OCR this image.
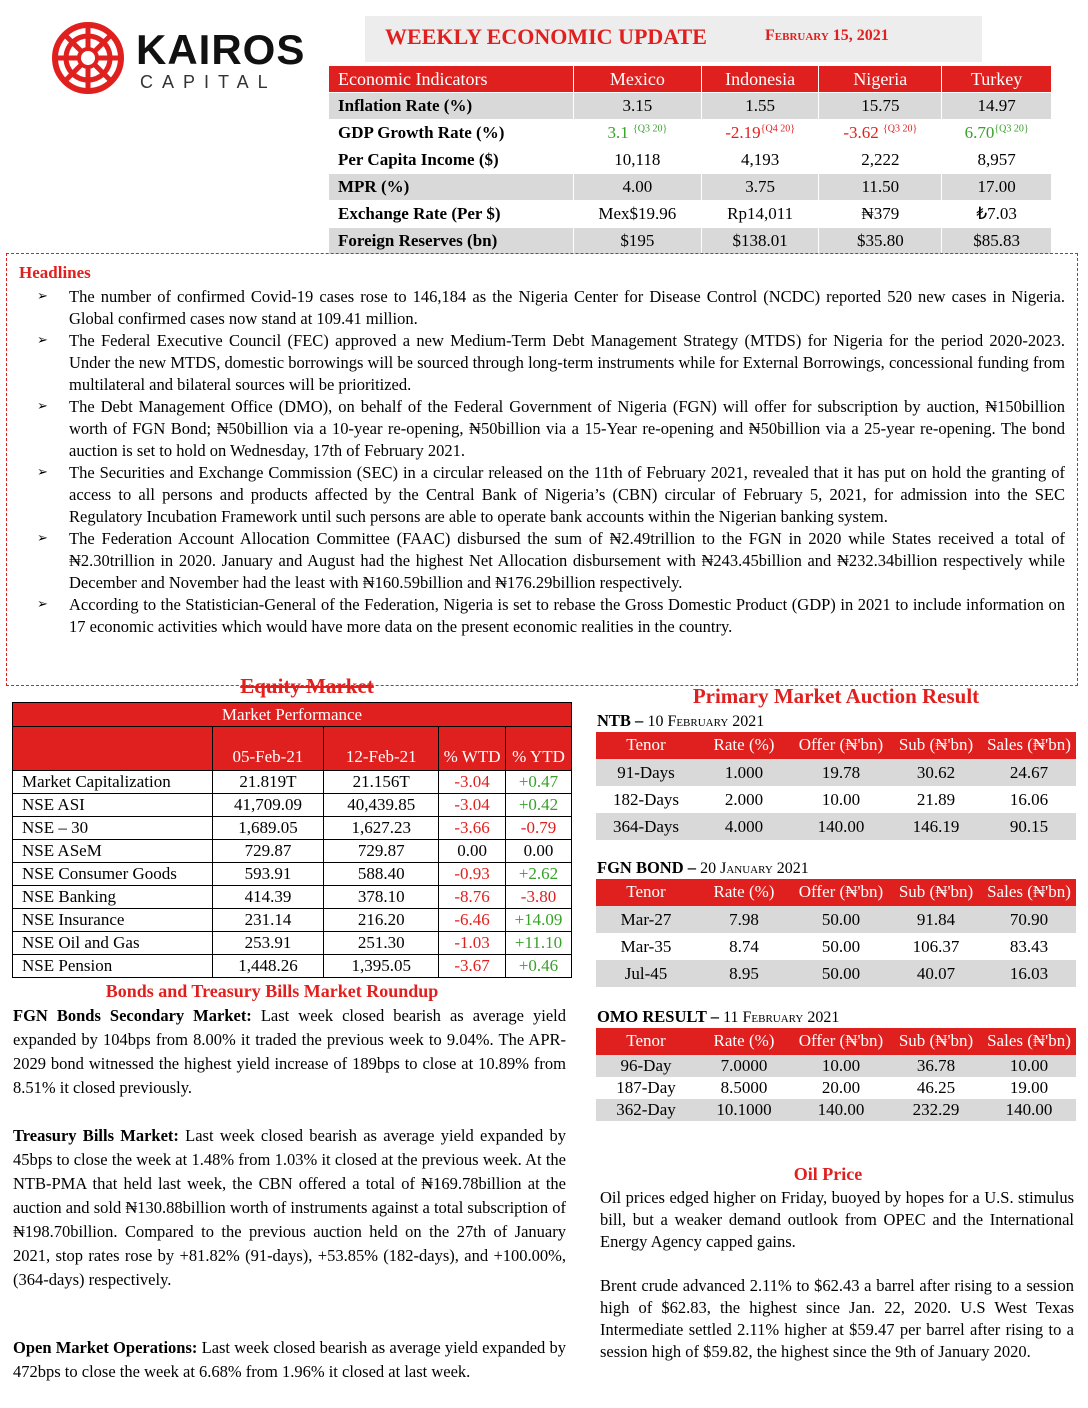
KAIROS
CAPITAL
WEEKLY ECONOMIC UPDATE	February 15, 2021
Economic Indicators	Mexico	Indonesia	Nigeria	Turkey
Inflation Rate (%)	3.15	1.55	15.75	14.97
GDP Growth Rate (%)	3.1 $^{\{Q3 20\}}$	$-2.19^{\{Q4 20\}}$	-3.62 $^{\{Q3 20\}}$	$6.70^{\{Q3 20\}}$
Per Capita Income ($)	10,118	4,193	2,222	8,957
MPR (%)	4.00	3.75	11.50	17.00
Exchange Rate (Per $)	Mex$19.96	Rp14,011	₦379	₺7.03
Foreign Reserves (bn)	$195	$138.01	$35.80	$85.83
Headlines
➢ The number of confirmed Covid-19 cases rose to 146,184 as the Nigeria Center for Disease Control (NCDC) reported 520 new cases in Nigeria. Global confirmed cases now stand at 109.41 million.
➢ The Federal Executive Council (FEC) approved a new Medium-Term Debt Management Strategy (MTDS) for Nigeria for the period 2020-2023. Under the new MTDS, domestic borrowings will be sourced through long-term instruments while for External Borrowings, concessional funding from multilateral and bilateral sources will be prioritized.
➢ The Debt Management Office (DMO), on behalf of the Federal Government of Nigeria (FGN) will offer for subscription by auction, ₦150billion worth of FGN Bond; ₦50billion via a 10-year re-opening, ₦50billion via a 15-Year re-opening and ₦50billion via a 25-year re-opening. The bond auction is set to hold on Wednesday, 17th of February 2021.
➢ The Securities and Exchange Commission (SEC) in a circular released on the 11th of February 2021, revealed that it has put on hold the granting of access to all persons and products affected by the Central Bank of Nigeria’s (CBN) circular of February 5, 2021, for admission into the SEC Regulatory Incubation Framework until such persons are able to operate bank accounts within the Nigerian banking system.
➢ The Federation Account Allocation Committee (FAAC) disbursed the sum of ₦2.49trillion to the FGN in 2020 while States received a total of ₦2.30trillion in 2020. January and August had the highest Net Allocation disbursement with ₦243.45billion and ₦232.34billion respectively while December and November had the least with ₦160.59billion and ₦176.29billion respectively.
➢ According to the Statistician-General of the Federation, Nigeria is set to rebase the Gross Domestic Product (GDP) in 2021 to include information on 17 economic activities which would have more data on the present economic realities in the country.
Equity Market
Market Performance				
	05-Feb-21	12-Feb-21	% WTD	% YTD
Market Capitalization	21.819T	21.156T	-3.04	+0.47
NSE ASI	41,709.09	40,439.85	-3.04	+0.42
NSE – 30	1,689.05	1,627.23	-3.66	-0.79
NSE ASeM	729.87	729.87	0.00	0.00
NSE Consumer Goods	593.91	588.40	-0.93	+2.62
NSE Banking	414.39	378.10	-8.76	-3.80
NSE Insurance	231.14	216.20	-6.46	+14.09
NSE Oil and Gas	253.91	251.30	-1.03	+11.10
NSE Pension	1,448.26	1,395.05	-3.67	+0.46
Bonds and Treasury Bills Market Roundup
FGN Bonds Secondary Market: Last week closed bearish as average yield expanded by 104bps from 8.00% it traded the previous week to 9.04%. The APR-2029 bond witnessed the highest yield increase of 189bps to close at 10.89% from 8.51% it closed previously.
Treasury Bills Market: Last week closed bearish as average yield expanded by 45bps to close the week at 1.48% from 1.03% it closed at the previous week. At the NTB-PMA that held last week, the CBN offered a total of ₦169.78billion at the auction and sold ₦130.88billion worth of instruments against a total subscription of ₦198.70billion. Compared to the previous auction held on the 27th of January 2021, stop rates rose by +81.82% (91-days), +53.85% (182-days), and +100.00%, (364-days) respectively.
Open Market Operations: Last week closed bearish as average yield expanded by 472bps to close the week at 6.68% from 1.96% it closed at last week.
Primary Market Auction Result
NTB – 10 February 2021
Tenor	Rate (%)	Offer (₦'bn)	Sub (₦'bn)	Sales (₦'bn)
91-Days	1.000	19.78	30.62	24.67
182-Days	2.000	10.00	21.89	16.06
364-Days	4.000	140.00	146.19	90.15
FGN BOND – 20 January 2021
Tenor	Rate (%)	Offer (₦'bn)	Sub (₦'bn)	Sales (₦'bn)
Mar-27	7.98	50.00	91.84	70.90
Mar-35	8.74	50.00	106.37	83.43
Jul-45	8.95	50.00	40.07	16.03
OMO RESULT – 11 February 2021
Tenor	Rate (%)	Offer (₦'bn)	Sub (₦'bn)	Sales (₦'bn)
96-Day	7.0000	10.00	36.78	10.00
187-Day	8.5000	20.00	46.25	19.00
362-Day	10.1000	140.00	232.29	140.00
Oil Price
Oil prices edged higher on Friday, buoyed by hopes for a U.S. stimulus bill, but a weaker demand outlook from OPEC and the International Energy Agency capped gains.
Brent crude advanced 2.11% to $62.43 a barrel after rising to a session high of $62.83, the highest since Jan. 22, 2020. U.S West Texas Intermediate settled 2.11% higher at $59.47 per barrel after rising to a session high of $59.82, the highest since the 9th of January 2020.
